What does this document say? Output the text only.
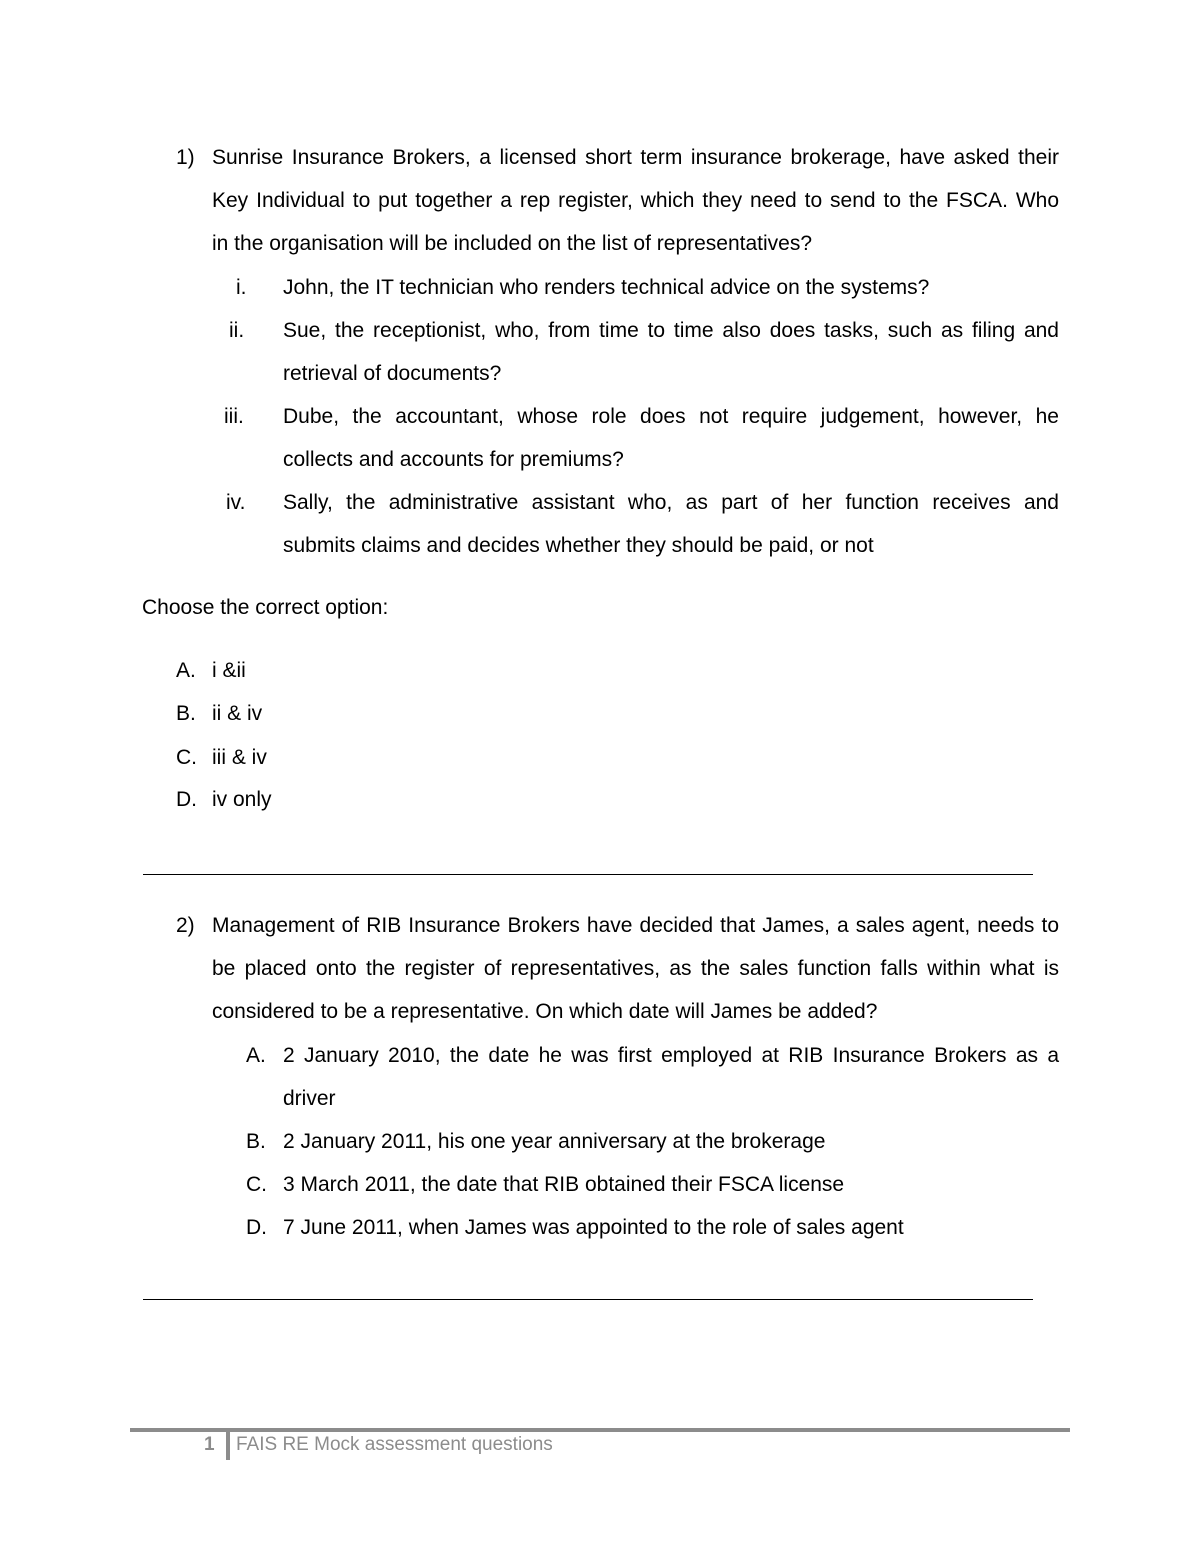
1) Sunrise Insurance Brokers, a licensed short term insurance brokerage, have asked their
Key Individual to put together a rep register, which they need to send to the FSCA. Who
in the organisation will be included on the list of representatives?
i. John, the IT technician who renders technical advice on the systems?
ii. Sue, the receptionist, who, from time to time also does tasks, such as filing and
retrieval of documents?
iii. Dube, the accountant, whose role does not require judgement, however, he
collects and accounts for premiums?
iv. Sally, the administrative assistant who, as part of her function receives and
submits claims and decides whether they should be paid, or not
Choose the correct option:
A. i &ii
B. ii & iv
C. iii & iv
D. iv only
2) Management of RIB Insurance Brokers have decided that James, a sales agent, needs to
be placed onto the register of representatives, as the sales function falls within what is
considered to be a representative. On which date will James be added?
A. 2 January 2010, the date he was first employed at RIB Insurance Brokers as a
driver
B. 2 January 2011, his one year anniversary at the brokerage
C. 3 March 2011, the date that RIB obtained their FSCA license
D. 7 June 2011, when James was appointed to the role of sales agent
1 FAIS RE Mock assessment questions
